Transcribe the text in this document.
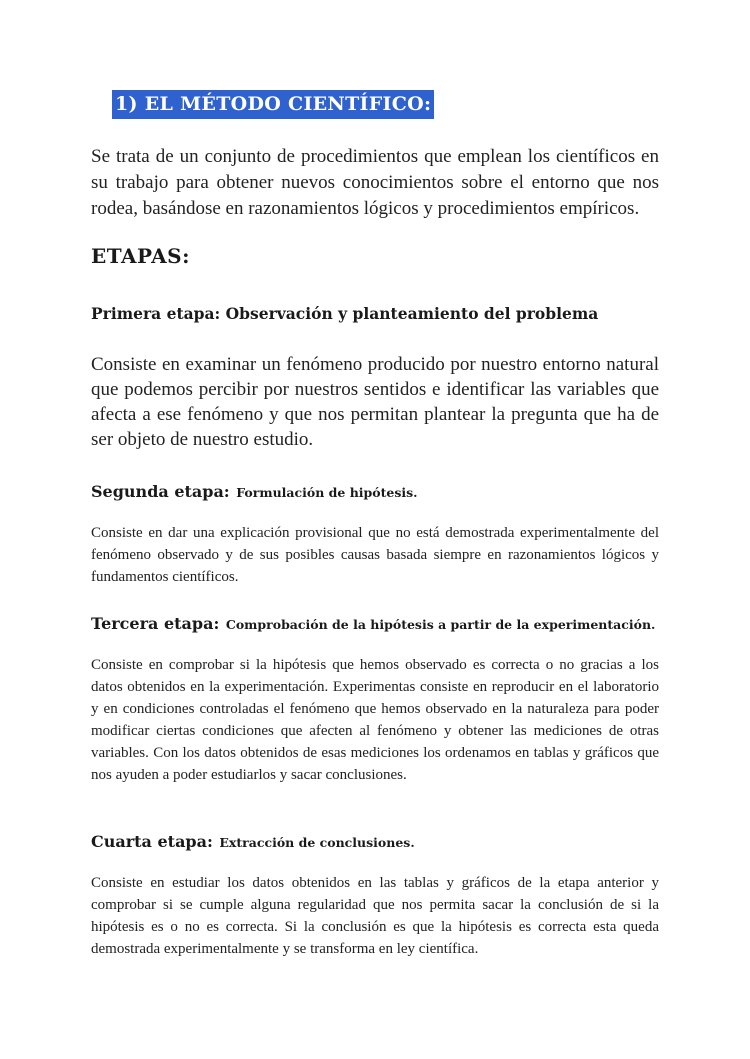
1) EL MÉTODO CIENTÍFICO:

Se trata de un conjunto de procedimientos que emplean los científicos en su trabajo para obtener nuevos conocimientos sobre el entorno que nos rodea, basándose en razonamientos lógicos y procedimientos empíricos.

ETAPAS:
Primera etapa: Observación y planteamiento del problema

Consiste en examinar un fenómeno producido por nuestro entorno natural que podemos percibir por nuestros sentidos e identificar las variables que afecta a ese fenómeno y que nos permitan plantear la pregunta que ha de ser objeto de nuestro estudio.

Segunda etapa: Formulación de hipótesis.

Consiste en dar una explicación provisional que no está demostrada experimentalmente del fenómeno observado y de sus posibles causas basada siempre en razonamientos lógicos y fundamentos científicos.

Tercera etapa: Comprobación de la hipótesis a partir de la experimentación.

Consiste en comprobar si la hipótesis que hemos observado es correcta o no gracias a los datos obtenidos en la experimentación. Experimentas consiste en reproducir en el laboratorio y en condiciones controladas el fenómeno que hemos observado en la naturaleza para poder modificar ciertas condiciones que afecten al fenómeno y obtener las mediciones de otras variables. Con los datos obtenidos de esas mediciones los ordenamos en tablas y gráficos que nos ayuden a poder estudiarlos y sacar conclusiones.

Cuarta etapa: Extracción de conclusiones.

Consiste en estudiar los datos obtenidos en las tablas y gráficos de la etapa anterior y comprobar si se cumple alguna regularidad que nos permita sacar la conclusión de si la hipótesis es o no es correcta. Si la conclusión es que la hipótesis es correcta esta queda demostrada experimentalmente y se transforma en ley científica.
